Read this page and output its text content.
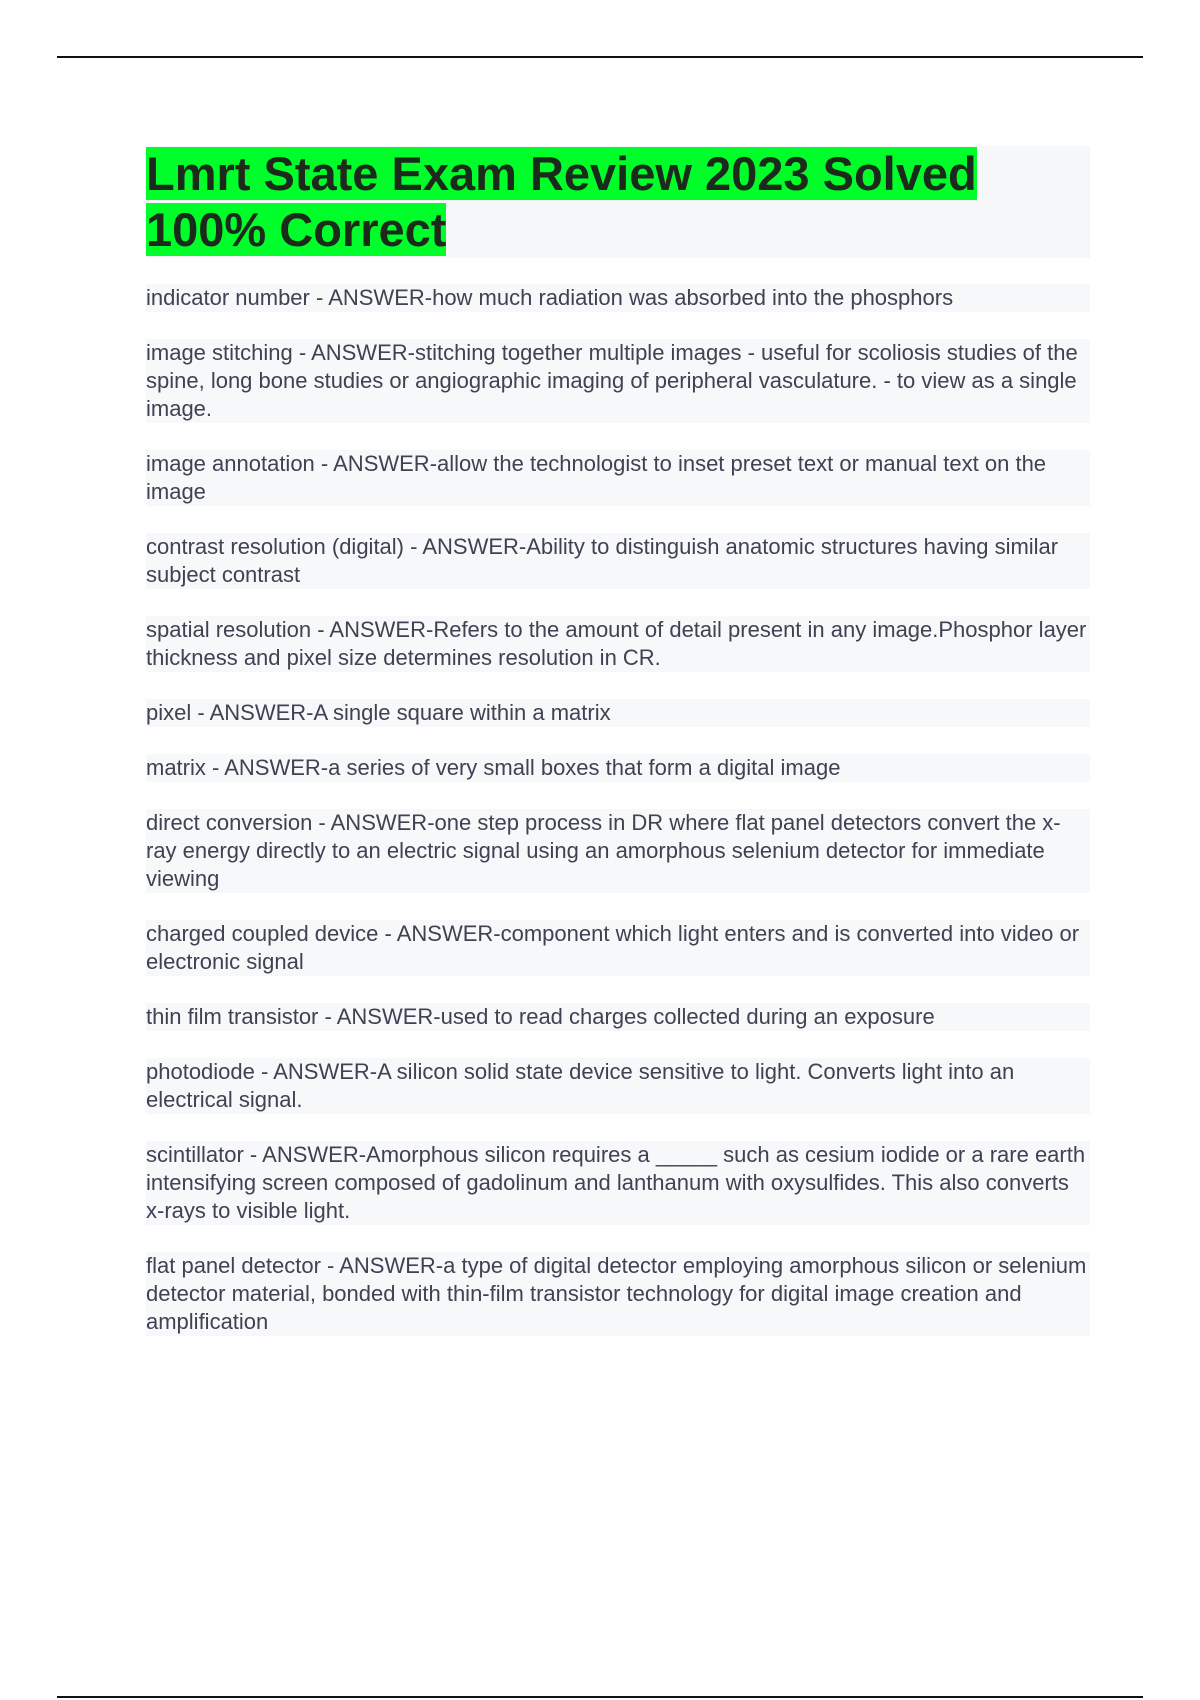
Lmrt State Exam Review 2023 Solved 100% Correct
indicator number - ANSWER-how much radiation was absorbed into the phosphors
image stitching - ANSWER-stitching together multiple images - useful for scoliosis studies of the spine, long bone studies or angiographic imaging of peripheral vasculature. - to view as a single image.
image annotation - ANSWER-allow the technologist to inset preset text or manual text on the image
contrast resolution (digital) - ANSWER-Ability to distinguish anatomic structures having similar subject contrast
spatial resolution - ANSWER-Refers to the amount of detail present in any image.Phosphor layer thickness and pixel size determines resolution in CR.
pixel - ANSWER-A single square within a matrix
matrix - ANSWER-a series of very small boxes that form a digital image
direct conversion - ANSWER-one step process in DR where flat panel detectors convert the x-ray energy directly to an electric signal using an amorphous selenium detector for immediate viewing
charged coupled device - ANSWER-component which light enters and is converted into video or electronic signal
thin film transistor - ANSWER-used to read charges collected during an exposure
photodiode - ANSWER-A silicon solid state device sensitive to light. Converts light into an electrical signal.
scintillator - ANSWER-Amorphous silicon requires a _____ such as cesium iodide or a rare earth intensifying screen composed of gadolinum and lanthanum with oxysulfides. This also converts x-rays to visible light.
flat panel detector - ANSWER-a type of digital detector employing amorphous silicon or selenium detector material, bonded with thin-film transistor technology for digital image creation and amplification
